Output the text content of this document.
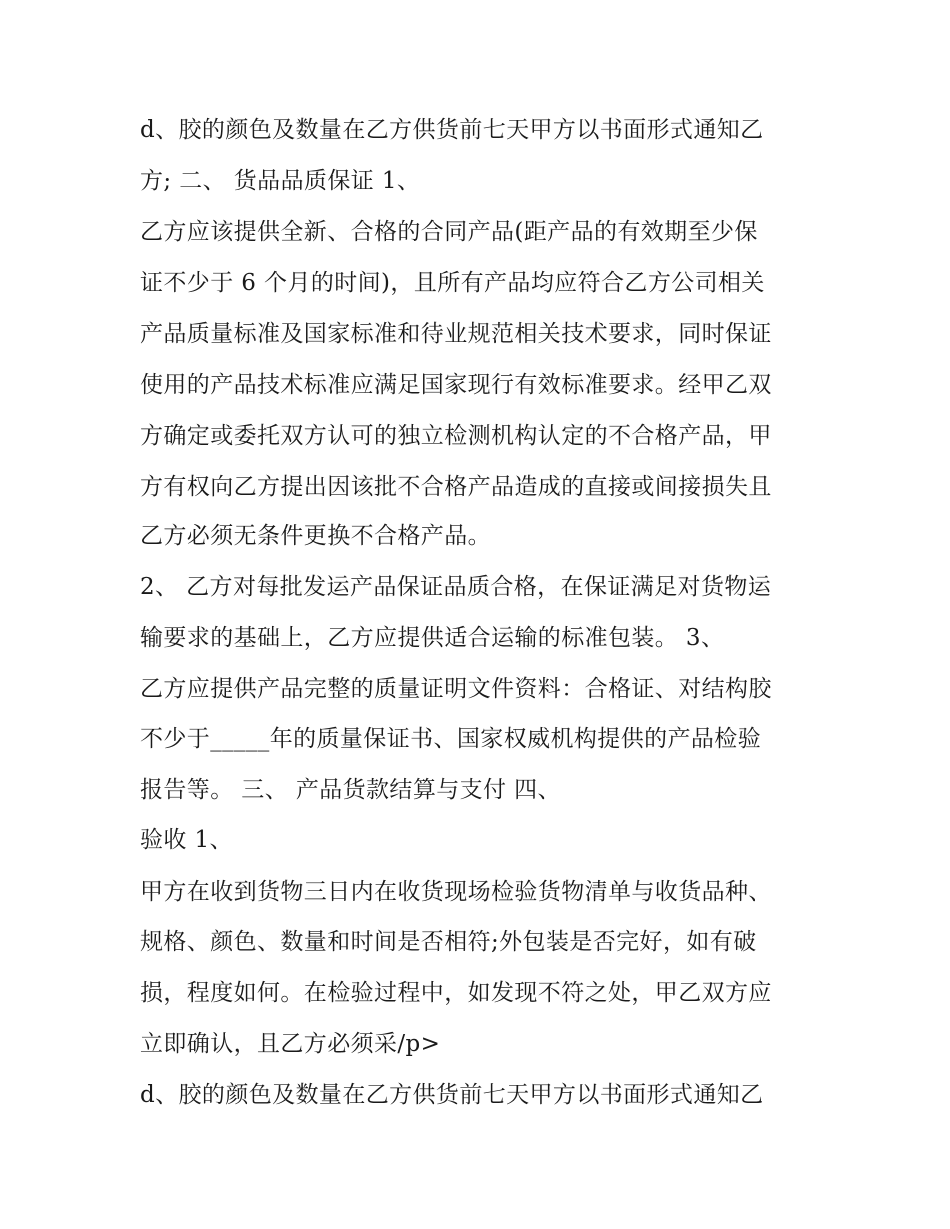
d、胶的颜色及数量在乙方供货前七天甲方以书面形式通知乙
方; 二、 货品品质保证 1、
乙方应该提供全新、合格的合同产品(距产品的有效期至少保
证不少于 6 个月的时间)，且所有产品均应符合乙方公司相关
产品质量标准及国家标准和待业规范相关技术要求，同时保证
使用的产品技术标准应满足国家现行有效标准要求。经甲乙双
方确定或委托双方认可的独立检测机构认定的不合格产品，甲
方有权向乙方提出因该批不合格产品造成的直接或间接损失且
乙方必须无条件更换不合格产品。
2、 乙方对每批发运产品保证品质合格，在保证满足对货物运
输要求的基础上，乙方应提供适合运输的标准包装。 3、
乙方应提供产品完整的质量证明文件资料：合格证、对结构胶
不少于_____年的质量保证书、国家权威机构提供的产品检验
报告等。 三、 产品货款结算与支付 四、
验收 1、
甲方在收到货物三日内在收货现场检验货物清单与收货品种、
规格、颜色、数量和时间是否相符;外包装是否完好，如有破
损，程度如何。在检验过程中，如发现不符之处，甲乙双方应
立即确认，且乙方必须采/p>
d、胶的颜色及数量在乙方供货前七天甲方以书面形式通知乙
